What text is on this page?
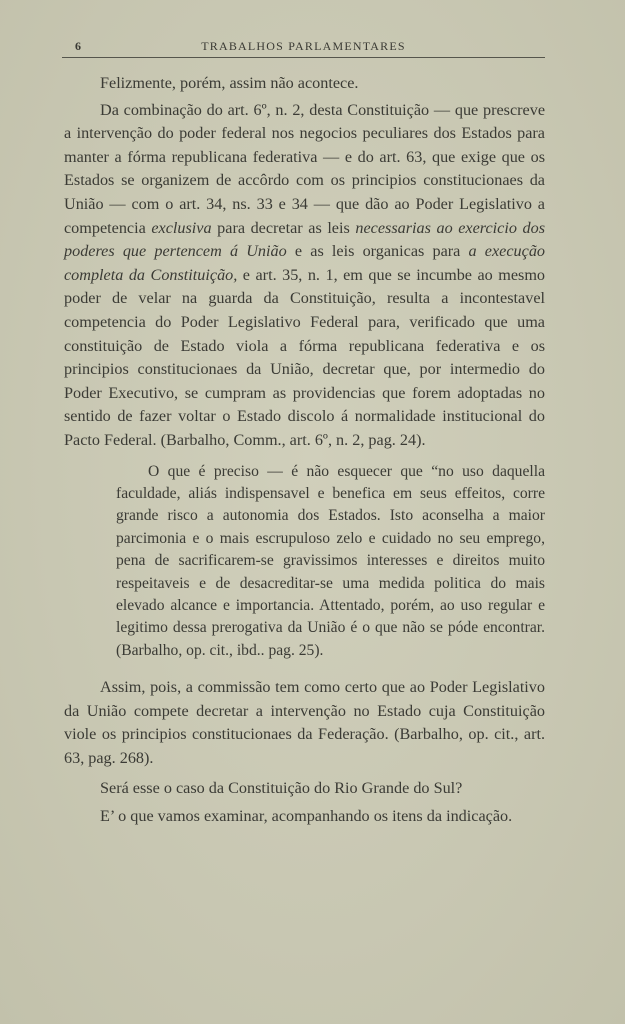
6	TRABALHOS PARLAMENTARES

Felizmente, porém, assim não acontece.

Da combinação do art. 6º, n. 2, desta Constituição — que prescreve a intervenção do poder federal nos negocios peculiares dos Estados para manter a fórma republicana federativa — e do art. 63, que exige que os Estados se organizem de accôrdo com os principios constitucionaes da União — com o art. 34, ns. 33 e 34 — que dão ao Poder Legislativo a competencia exclusiva para decretar as leis necessarias ao exercicio dos poderes que pertencem á União e as leis organicas para a execução completa da Constituição, e art. 35, n. 1, em que se incumbe ao mesmo poder de velar na guarda da Constituição, resulta a incontestavel competencia do Poder Legislativo Federal para, verificado que uma constituição de Estado viola a fórma republicana federativa e os principios constitucionaes da União, decretar que, por intermedio do Poder Executivo, se cumpram as providencias que forem adoptadas no sentido de fazer voltar o Estado discolo á normalidade institucional do Pacto Federal. (Barbalho, Comm., art. 6º, n. 2, pag. 24).

O que é preciso — é não esquecer que “no uso daquella faculdade, aliás indispensavel e benefica em seus effeitos, corre grande risco a autonomia dos Estados. Isto aconselha a maior parcimonia e o mais escrupuloso zelo e cuidado no seu emprego, pena de sacrificarem-se gravissimos interesses e direitos muito respeitaveis e de desacreditar-se uma medida politica do mais elevado alcance e importancia. Attentado, porém, ao uso regular e legitimo dessa prerogativa da União é o que não se póde encontrar. (Barbalho, op. cit., ibd.. pag. 25).

Assim, pois, a commissão tem como certo que ao Poder Legislativo da União compete decretar a intervenção no Estado cuja Constituição viole os principios constitucionaes da Federação. (Barbalho, op. cit., art. 63, pag. 268).

Será esse o caso da Constituição do Rio Grande do Sul?

E’ o que vamos examinar, acompanhando os itens da indicação.
